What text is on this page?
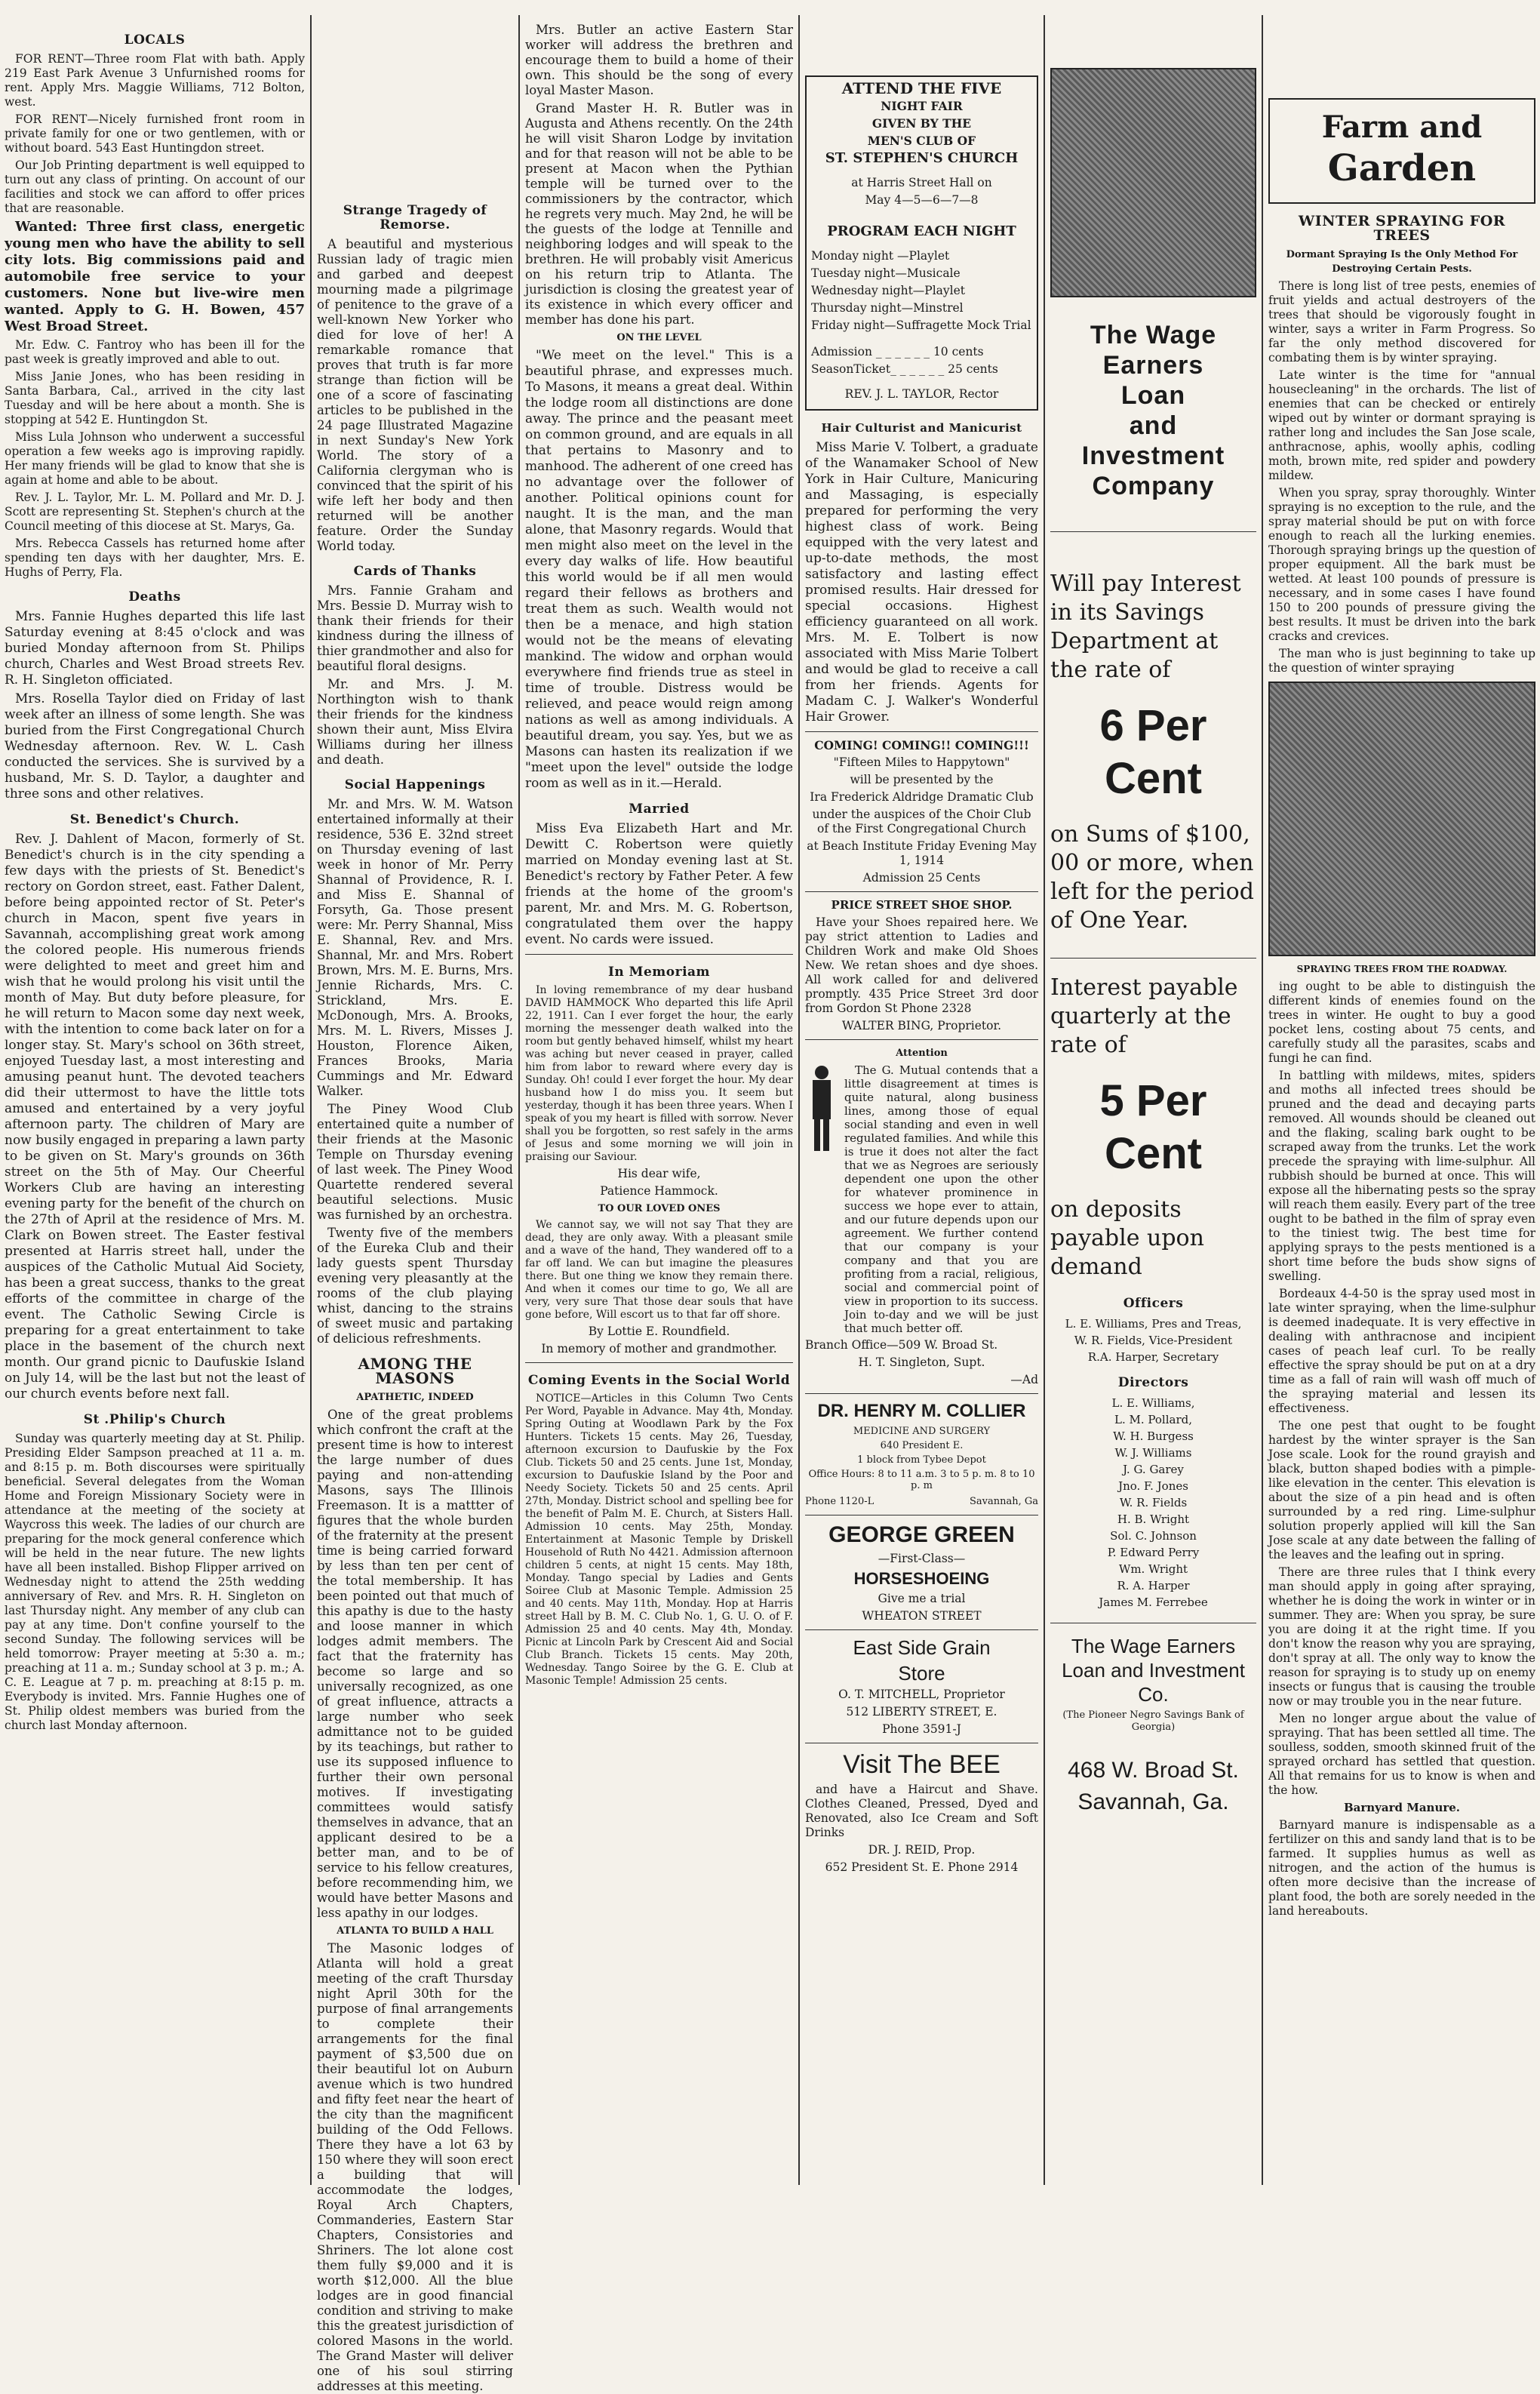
LOCALS

FOR RENT—Three room Flat with bath. Apply 219 East Park Avenue 3 Unfurnished rooms for rent. Apply Mrs. Maggie Williams, 712 Bolton, west.

FOR RENT—Nicely furnished front room in private family for one or two gentlemen, with or without board. 543 East Huntingdon street.

Our Job Printing department is well equipped to turn out any class of printing. On account of our facilities and stock we can afford to offer prices that are reasonable.

Wanted: Three first class, energetic young men who have the ability to sell city lots. Big commissions paid and automobile free service to your customers. None but live-wire men wanted. Apply to G. H. Bowen, 457 West Broad Street.

Mr. Edw. C. Fantroy who has been ill for the past week is greatly improved and able to out.

Miss Janie Jones, who has been residing in Santa Barbara, Cal., arrived in the city last Tuesday and will be here about a month. She is stopping at 542 E. Huntingdon St.

Miss Lula Johnson who underwent a successful operation a few weeks ago is improving rapidly. Her many friends will be glad to know that she is again at home and able to be about.

Rev. J. L. Taylor, Mr. L. M. Pollard and Mr. D. J. Scott are representing St. Stephen's church at the Council meeting of this diocese at St. Marys, Ga.

Mrs. Rebecca Cassels has returned home after spending ten days with her daughter, Mrs. E. Hughs of Perry, Fla.

Deaths

Mrs. Fannie Hughes departed this life last Saturday evening at 8:45 o'clock and was buried Monday afternoon from St. Philips church, Charles and West Broad streets Rev. R. H. Singleton officiated.

Mrs. Rosella Taylor died on Friday of last week after an illness of some length. She was buried from the First Congregational Church Wednesday afternoon. Rev. W. L. Cash conducted the services. She is survived by a husband, Mr. S. D. Taylor, a daughter and three sons and other relatives.

St. Benedict's Church.

Rev. J. Dahlent of Macon, formerly of St. Benedict's church is in the city spending a few days with the priests of St. Benedict's rectory on Gordon street, east. Father Dalent, before being appointed rector of St. Peter's church in Macon, spent five years in Savannah, accomplishing great work among the colored people. His numerous friends were delighted to meet and greet him and wish that he would prolong his visit until the month of May. But duty before pleasure, for he will return to Macon some day next week, with the intention to come back later on for a longer stay. St. Mary's school on 36th street, enjoyed Tuesday last, a most interesting and amusing peanut hunt. The devoted teachers did their uttermost to have the little tots amused and entertained by a very joyful afternoon party. The children of Mary are now busily engaged in preparing a lawn party to be given on St. Mary's grounds on 36th street on the 5th of May. Our Cheerful Workers Club are having an interesting evening party for the benefit of the church on the 27th of April at the residence of Mrs. M. Clark on Bowen street. The Easter festival presented at Harris street hall, under the auspices of the Catholic Mutual Aid Society, has been a great success, thanks to the great efforts of the committee in charge of the event. The Catholic Sewing Circle is preparing for a great entertainment to take place in the basement of the church next month. Our grand picnic to Daufuskie Island on July 14, will be the last but not the least of our church events before next fall.

St .Philip's Church

Sunday was quarterly meeting day at St. Philip. Presiding Elder Sampson preached at 11 a. m. and 8:15 p. m. Both discourses were spiritually beneficial. Several delegates from the Woman Home and Foreign Missionary Society were in attendance at the meeting of the society at Waycross this week. The ladies of our church are preparing for the mock general conference which will be held in the near future. The new lights have all been installed. Bishop Flipper arrived on Wednesday night to attend the 25th wedding anniversary of Rev. and Mrs. R. H. Singleton on last Thursday night. Any member of any club can pay at any time. Don't confine yourself to the second Sunday. The following services will be held tomorrow: Prayer meeting at 5:30 a. m.; preaching at 11 a. m.; Sunday school at 3 p. m.; A. C. E. League at 7 p. m. preaching at 8:15 p. m. Everybody is invited. Mrs. Fannie Hughes one of St. Philip oldest members was buried from the church last Monday afternoon.

Strange Tragedy of Remorse.

A beautiful and mysterious Russian lady of tragic mien and garbed and deepest mourning made a pilgrimage of penitence to the grave of a well-known New Yorker who died for love of her! A remarkable romance that proves that truth is far more strange than fiction will be one of a score of fascinating articles to be published in the 24 page Illustrated Magazine in next Sunday's New York World. The story of a California clergyman who is convinced that the spirit of his wife left her body and then returned will be another feature. Order the Sunday World today.

Cards of Thanks

Mrs. Fannie Graham and Mrs. Bessie D. Murray wish to thank their friends for their kindness during the illness of thier grandmother and also for beautiful floral designs.

Mr. and Mrs. J. M. Northington wish to thank their friends for the kindness shown their aunt, Miss Elvira Williams during her illness and death.

Social Happenings

Mr. and Mrs. W. M. Watson entertained informally at their residence, 536 E. 32nd street on Thursday evening of last week in honor of Mr. Perry Shannal of Providence, R. I. and Miss E. Shannal of Forsyth, Ga. Those present were: Mr. Perry Shannal, Miss E. Shannal, Rev. and Mrs. Shannal, Mr. and Mrs. Robert Brown, Mrs. M. E. Burns, Mrs. Jennie Richards, Mrs. C. Strickland, Mrs. E. McDonough, Mrs. A. Brooks, Mrs. M. L. Rivers, Misses J. Houston, Florence Aiken, Frances Brooks, Maria Cummings and Mr. Edward Walker.

The Piney Wood Club entertained quite a number of their friends at the Masonic Temple on Thursday evening of last week. The Piney Wood Quartette rendered several beautiful selections. Music was furnished by an orchestra.

Twenty five of the members of the Eureka Club and their lady guests spent Thursday evening very pleasantly at the rooms of the club playing whist, dancing to the strains of sweet music and partaking of delicious refreshments.

AMONG THE MASONS
APATHETIC, INDEED

One of the great problems which confront the craft at the present time is how to interest the large number of dues paying and non-attending Masons, says The Illinois Freemason. It is a mattter of figures that the whole burden of the fraternity at the present time is being carried forward by less than ten per cent of the total membership. It has been pointed out that much of this apathy is due to the hasty and loose manner in which lodges admit members. The fact that the fraternity has become so large and so universally recognized, as one of great influence, attracts a large number who seek admittance not to be guided by its teachings, but rather to use its supposed influence to further their own personal motives. If investigating committees would satisfy themselves in advance, that an applicant desired to be a better man, and to be of service to his fellow creatures, before recommending him, we would have better Masons and less apathy in our lodges.

ATLANTA TO BUILD A HALL

The Masonic lodges of Atlanta will hold a great meeting of the craft Thursday night April 30th for the purpose of final arrangements to complete their arrangements for the final payment of $3,500 due on their beautiful lot on Auburn avenue which is two hundred and fifty feet near the heart of the city than the magnificent building of the Odd Fellows. There they have a lot 63 by 150 where they will soon erect a building that will accommodate the lodges, Royal Arch Chapters, Commanderies, Eastern Star Chapters, Consistories and Shriners. The lot alone cost them fully $9,000 and it is worth $12,000. All the blue lodges are in good financial condition and striving to make this the greatest jurisdiction of colored Masons in the world. The Grand Master will deliver one of his soul stirring addresses at this meeting.

Mrs. Butler an active Eastern Star worker will address the brethren and encourage them to build a home of their own. This should be the song of every loyal Master Mason.

Grand Master H. R. Butler was in Augusta and Athens recently. On the 24th he will visit Sharon Lodge by invitation and for that reason will not be able to be present at Macon when the Pythian temple will be turned over to the commissioners by the contractor, which he regrets very much. May 2nd, he will be the guests of the lodge at Tennille and neighboring lodges and will speak to the brethren. He will probably visit Americus on his return trip to Atlanta. The jurisdiction is closing the greatest year of its existence in which every officer and member has done his part.

ON THE LEVEL

"We meet on the level." This is a beautiful phrase, and expresses much. To Masons, it means a great deal. Within the lodge room all distinctions are done away. The prince and the peasant meet on common ground, and are equals in all that pertains to Masonry and to manhood. The adherent of one creed has no advantage over the follower of another. Political opinions count for naught. It is the man, and the man alone, that Masonry regards. Would that men might also meet on the level in the every day walks of life. How beautiful this world would be if all men would regard their fellows as brothers and treat them as such. Wealth would not then be a menace, and high station would not be the means of elevating mankind. The widow and orphan would everywhere find friends true as steel in time of trouble. Distress would be relieved, and peace would reign among nations as well as among individuals. A beautiful dream, you say. Yes, but we as Masons can hasten its realization if we "meet upon the level" outside the lodge room as well as in it.—Herald.

Married

Miss Eva Elizabeth Hart and Mr. Dewitt C. Robertson were quietly married on Monday evening last at St. Benedict's rectory by Father Peter. A few friends at the home of the groom's parent, Mr. and Mrs. M. G. Robertson, congratulated them over the happy event. No cards were issued.

In Memoriam

In loving remembrance of my dear husband DAVID HAMMOCK Who departed this life April 22, 1911. Can I ever forget the hour, the early morning the messenger death walked into the room but gently behaved himself, whilst my heart was aching but never ceased in prayer, called him from labor to reward where every day is Sunday. Oh! could I ever forget the hour. My dear husband how I do miss you. It seem but yesterday, though it has been three years. When I speak of you my heart is filled with sorrow. Never shall you be forgotten, so rest safely in the arms of Jesus and some morning we will join in praising our Saviour.

His dear wife,

Patience Hammock.

TO OUR LOVED ONES

We cannot say, we will not say That they are dead, they are only away. With a pleasant smile and a wave of the hand, They wandered off to a far off land. We can but imagine the pleasures there. But one thing we know they remain there. And when it comes our time to go, We all are very, very sure That those dear souls that have gone before, Will escort us to that far off shore.

By Lottie E. Roundfield.

In memory of mother and grandmother.

Coming Events in the Social World

NOTICE—Articles in this Column Two Cents Per Word, Payable in Advance. May 4th, Monday. Spring Outing at Woodlawn Park by the Fox Hunters. Tickets 15 cents. May 26, Tuesday, afternoon excursion to Daufuskie by the Fox Club. Tickets 50 and 25 cents. June 1st, Monday, excursion to Daufuskie Island by the Poor and Needy Society. Tickets 50 and 25 cents. April 27th, Monday. District school and spelling bee for the benefit of Palm M. E. Church, at Sisters Hall. Admission 10 cents. May 25th, Monday. Entertainment at Masonic Temple by Driskell Household of Ruth No 4421. Admission afternoon children 5 cents, at night 15 cents. May 18th, Monday. Tango special by Ladies and Gents Soiree Club at Masonic Temple. Admission 25 and 40 cents. May 11th, Monday. Hop at Harris street Hall by B. M. C. Club No. 1, G. U. O. of F. Admission 25 and 40 cents. May 4th, Monday. Picnic at Lincoln Park by Crescent Aid and Social Club Branch. Tickets 15 cents. May 20th, Wednesday. Tango Soiree by the G. E. Club at Masonic Temple! Admission 25 cents.

ATTEND THE FIVE

NIGHT FAIR

GIVEN BY THE

MEN'S CLUB OF

ST. STEPHEN'S CHURCH

at Harris Street Hall on

May 4—5—6—7—8

PROGRAM EACH NIGHT

Monday night —Playlet

Tuesday night—Musicale

Wednesday night—Playlet

Thursday night—Minstrel

Friday night—Suffragette Mock Trial

Admission _ _ _ _ _ _ 10 cents

SeasonTicket_ _ _ _ _ _ 25 cents

REV. J. L. TAYLOR, Rector

Hair Culturist and Manicurist

Miss Marie V. Tolbert, a graduate of the Wanamaker School of New York in Hair Culture, Manicuring and Massaging, is especially prepared for performing the very highest class of work. Being equipped with the very latest and up-to-date methods, the most satisfactory and lasting effect promised results. Hair dressed for special occasions. Highest efficiency guaranteed on all work. Mrs. M. E. Tolbert is now associated with Miss Marie Tolbert and would be glad to receive a call from her friends. Agents for Madam C. J. Walker's Wonderful Hair Grower.

COMING! COMING!! COMING!!!

"Fifteen Miles to Happytown"

will be presented by the

Ira Frederick Aldridge Dramatic Club

under the auspices of the Choir Club of the First Congregational Church

at Beach Institute Friday Evening May 1, 1914

Admission 25 Cents

PRICE STREET SHOE SHOP.

Have your Shoes repaired here. We pay strict attention to Ladies and Children Work and make Old Shoes New. We retan shoes and dye shoes. All work called for and delivered promptly. 435 Price Street 3rd door from Gordon St Phone 2328

WALTER BING, Proprietor.

Attention

The G. Mutual contends that a little disagreement at times is quite natural, along business lines, among those of equal social standing and even in well regulated families. And while this is true it does not alter the fact that we as Negroes are seriously dependent one upon the other for whatever prominence in success we hope ever to attain, and our future depends upon our agreement. We further contend that our company is your company and that you are profiting from a racial, religious, social and commercial point of view in proportion to its success. Join to-day and we will be just that much better off.

Branch Office—509 W. Broad St.

H. T. Singleton, Supt.

—Ad

DR. HENRY M. COLLIER

MEDICINE AND SURGERY

640 President E.

1 block from Tybee Depot

Office Hours: 8 to 11 a.m. 3 to 5 p. m. 8 to 10 p. m

Phone 1120-L	Savannah, Ga

GEORGE GREEN

—First-Class—

HORSESHOEING

Give me a trial

WHEATON STREET

East Side Grain

Store

O. T. MITCHELL, Proprietor

512 LIBERTY STREET, E.

Phone 3591-J

Visit The BEE

and have a Haircut and Shave. Clothes Cleaned, Pressed, Dyed and Renovated, also Ice Cream and Soft Drinks

DR. J. REID, Prop.

652 President St. E. Phone 2914

The Wage
Earners
Loan
and
Investment
Company

Will pay Interest in its Savings Department at the rate of

6 Per Cent

on Sums of $100, 00 or more, when left for the period of One Year.

Interest payable quarterly at the rate of

5 Per Cent

on deposits payable upon demand

Officers

L. E. Williams, Pres and Treas,

W. R. Fields, Vice-President

R.A. Harper, Secretary

Directors

L. E. Williams,

L. M. Pollard,

W. H. Burgess

W. J. Williams

J. G. Garey

Jno. F. Jones

W. R. Fields

H. B. Wright

Sol. C. Johnson

P. Edward Perry

Wm. Wright

R. A. Harper

James M. Ferrebee

The Wage Earners Loan and Investment Co.

(The Pioneer Negro Savings Bank of Georgia)

468 W. Broad St.

Savannah, Ga.

Farm and

Garden

WINTER SPRAYING FOR TREES
Dormant Spraying Is the Only Method For Destroying Certain Pests.

There is long list of tree pests, enemies of fruit yields and actual destroyers of the trees that should be vigorously fought in winter, says a writer in Farm Progress. So far the only method discovered for combating them is by winter spraying.

Late winter is the time for "annual housecleaning" in the orchards. The list of enemies that can be checked or entirely wiped out by winter or dormant spraying is rather long and includes the San Jose scale, anthracnose, aphis, woolly aphis, codling moth, brown mite, red spider and powdery mildew.

When you spray, spray thoroughly. Winter spraying is no exception to the rule, and the spray material should be put on with force enough to reach all the lurking enemies. Thorough spraying brings up the question of proper equipment. All the bark must be wetted. At least 100 pounds of pressure is necessary, and in some cases I have found 150 to 200 pounds of pressure giving the best results. It must be driven into the bark cracks and crevices.

The man who is just beginning to take up the question of winter spraying

SPRAYING TREES FROM THE ROADWAY.

ing ought to be able to distinguish the different kinds of enemies found on the trees in winter. He ought to buy a good pocket lens, costing about 75 cents, and carefully study all the parasites, scabs and fungi he can find.

In battling with mildews, mites, spiders and moths all infected trees should be pruned and the dead and decaying parts removed. All wounds should be cleaned out and the flaking, scaling bark ought to be scraped away from the trunks. Let the work precede the spraying with lime-sulphur. All rubbish should be burned at once. This will expose all the hibernating pests so the spray will reach them easily. Every part of the tree ought to be bathed in the film of spray even to the tiniest twig. The best time for applying sprays to the pests mentioned is a short time before the buds show signs of swelling.

Bordeaux 4-4-50 is the spray used most in late winter spraying, when the lime-sulphur is deemed inadequate. It is very effective in dealing with anthracnose and incipient cases of peach leaf curl. To be really effective the spray should be put on at a dry time as a fall of rain will wash off much of the spraying material and lessen its effectiveness.

The one pest that ought to be fought hardest by the winter sprayer is the San Jose scale. Look for the round grayish and black, button shaped bodies with a pimple-like elevation in the center. This elevation is about the size of a pin head and is often surrounded by a red ring. Lime-sulphur solution properly applied will kill the San Jose scale at any date between the falling of the leaves and the leafing out in spring.

There are three rules that I think every man should apply in going after spraying, whether he is doing the work in winter or in summer. They are: When you spray, be sure you are doing it at the right time. If you don't know the reason why you are spraying, don't spray at all. The only way to know the reason for spraying is to study up on enemy insects or fungus that is causing the trouble now or may trouble you in the near future.

Men no longer argue about the value of spraying. That has been settled all time. The soulless, sodden, smooth skinned fruit of the sprayed orchard has settled that question. All that remains for us to know is when and the how.

Barnyard Manure.

Barnyard manure is indispensable as a fertilizer on this and sandy land that is to be farmed. It supplies humus as well as nitrogen, and the action of the humus is often more decisive than the increase of plant food, the both are sorely needed in the land hereabouts.
